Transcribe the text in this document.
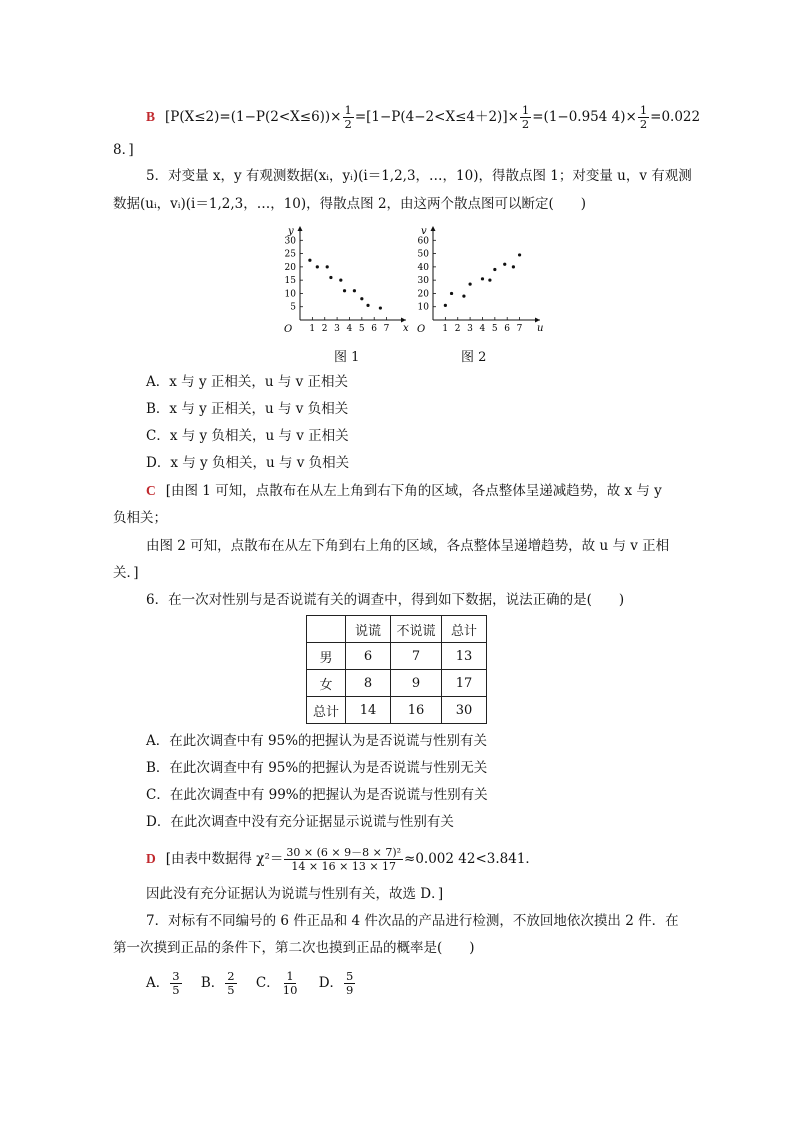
B [$P(X\le 2)=(1-P(2<X\le 6))\times \frac{1}{2} =[1-P(4-2<X\le 4+2)]\times \frac{1}{2} =(1-0.954$ $4)\times \frac{1}{2} =0.022$
8．]
5．对变量 x，y 有观测数据(xᵢ，yᵢ)(i＝1,2,3，…，10)，得散点图 1；对变量 u，v 有观测
数据(uᵢ，vᵢ)(i＝1,2,3，…，10)，得散点图 2，由这两个散点图可以断定(　　)
O 1 2 3 4 5 6 7
5
10
15
20
25
30
x
y
O 1 2 3 4 5 6 7
10
20
30
40
50
60
u
v
图 1	图 2
A．x 与 y 正相关，u 与 v 正相关
B．x 与 y 正相关，u 与 v 负相关
C．x 与 y 负相关，u 与 v 正相关
D．x 与 y 负相关，u 与 v 负相关
C [由图 1 可知，点散布在从左上角到右下角的区域，各点整体呈递减趋势，故 x 与 y
负相关；
由图 2 可知，点散布在从左下角到右上角的区域，各点整体呈递增趋势，故 u 与 v 正相
关．]
6．在一次对性别与是否说谎有关的调查中，得到如下数据，说法正确的是(　　)
	说谎	不说谎	总计
男	6	7	13
女	8	9	17
总计	14	16	30
A．在此次调查中有 95%的把握认为是否说谎与性别有关
B．在此次调查中有 95%的把握认为是否说谎与性别无关
C．在此次调查中有 99%的把握认为是否说谎与性别有关
D．在此次调查中没有充分证据显示说谎与性别有关
D [由表中数据得 $\chi^2= \frac{\text{30 × (6 × 9－8 × 7)²}}{14 \times 16 \times 13 \times 17} \approx 0.002$ 42<3.841．
因此没有充分证据认为说谎与性别有关，故选 D．]
7．对标有不同编号的 6 件正品和 4 件次品的产品进行检测，不放回地依次摸出 2 件．在
第一次摸到正品的条件下，第二次也摸到正品的概率是(　　)
A． $\frac{3}{5}$ B． $\frac{2}{5}$ C． $\frac{1}{10}$ D． $\frac{5}{9}$
